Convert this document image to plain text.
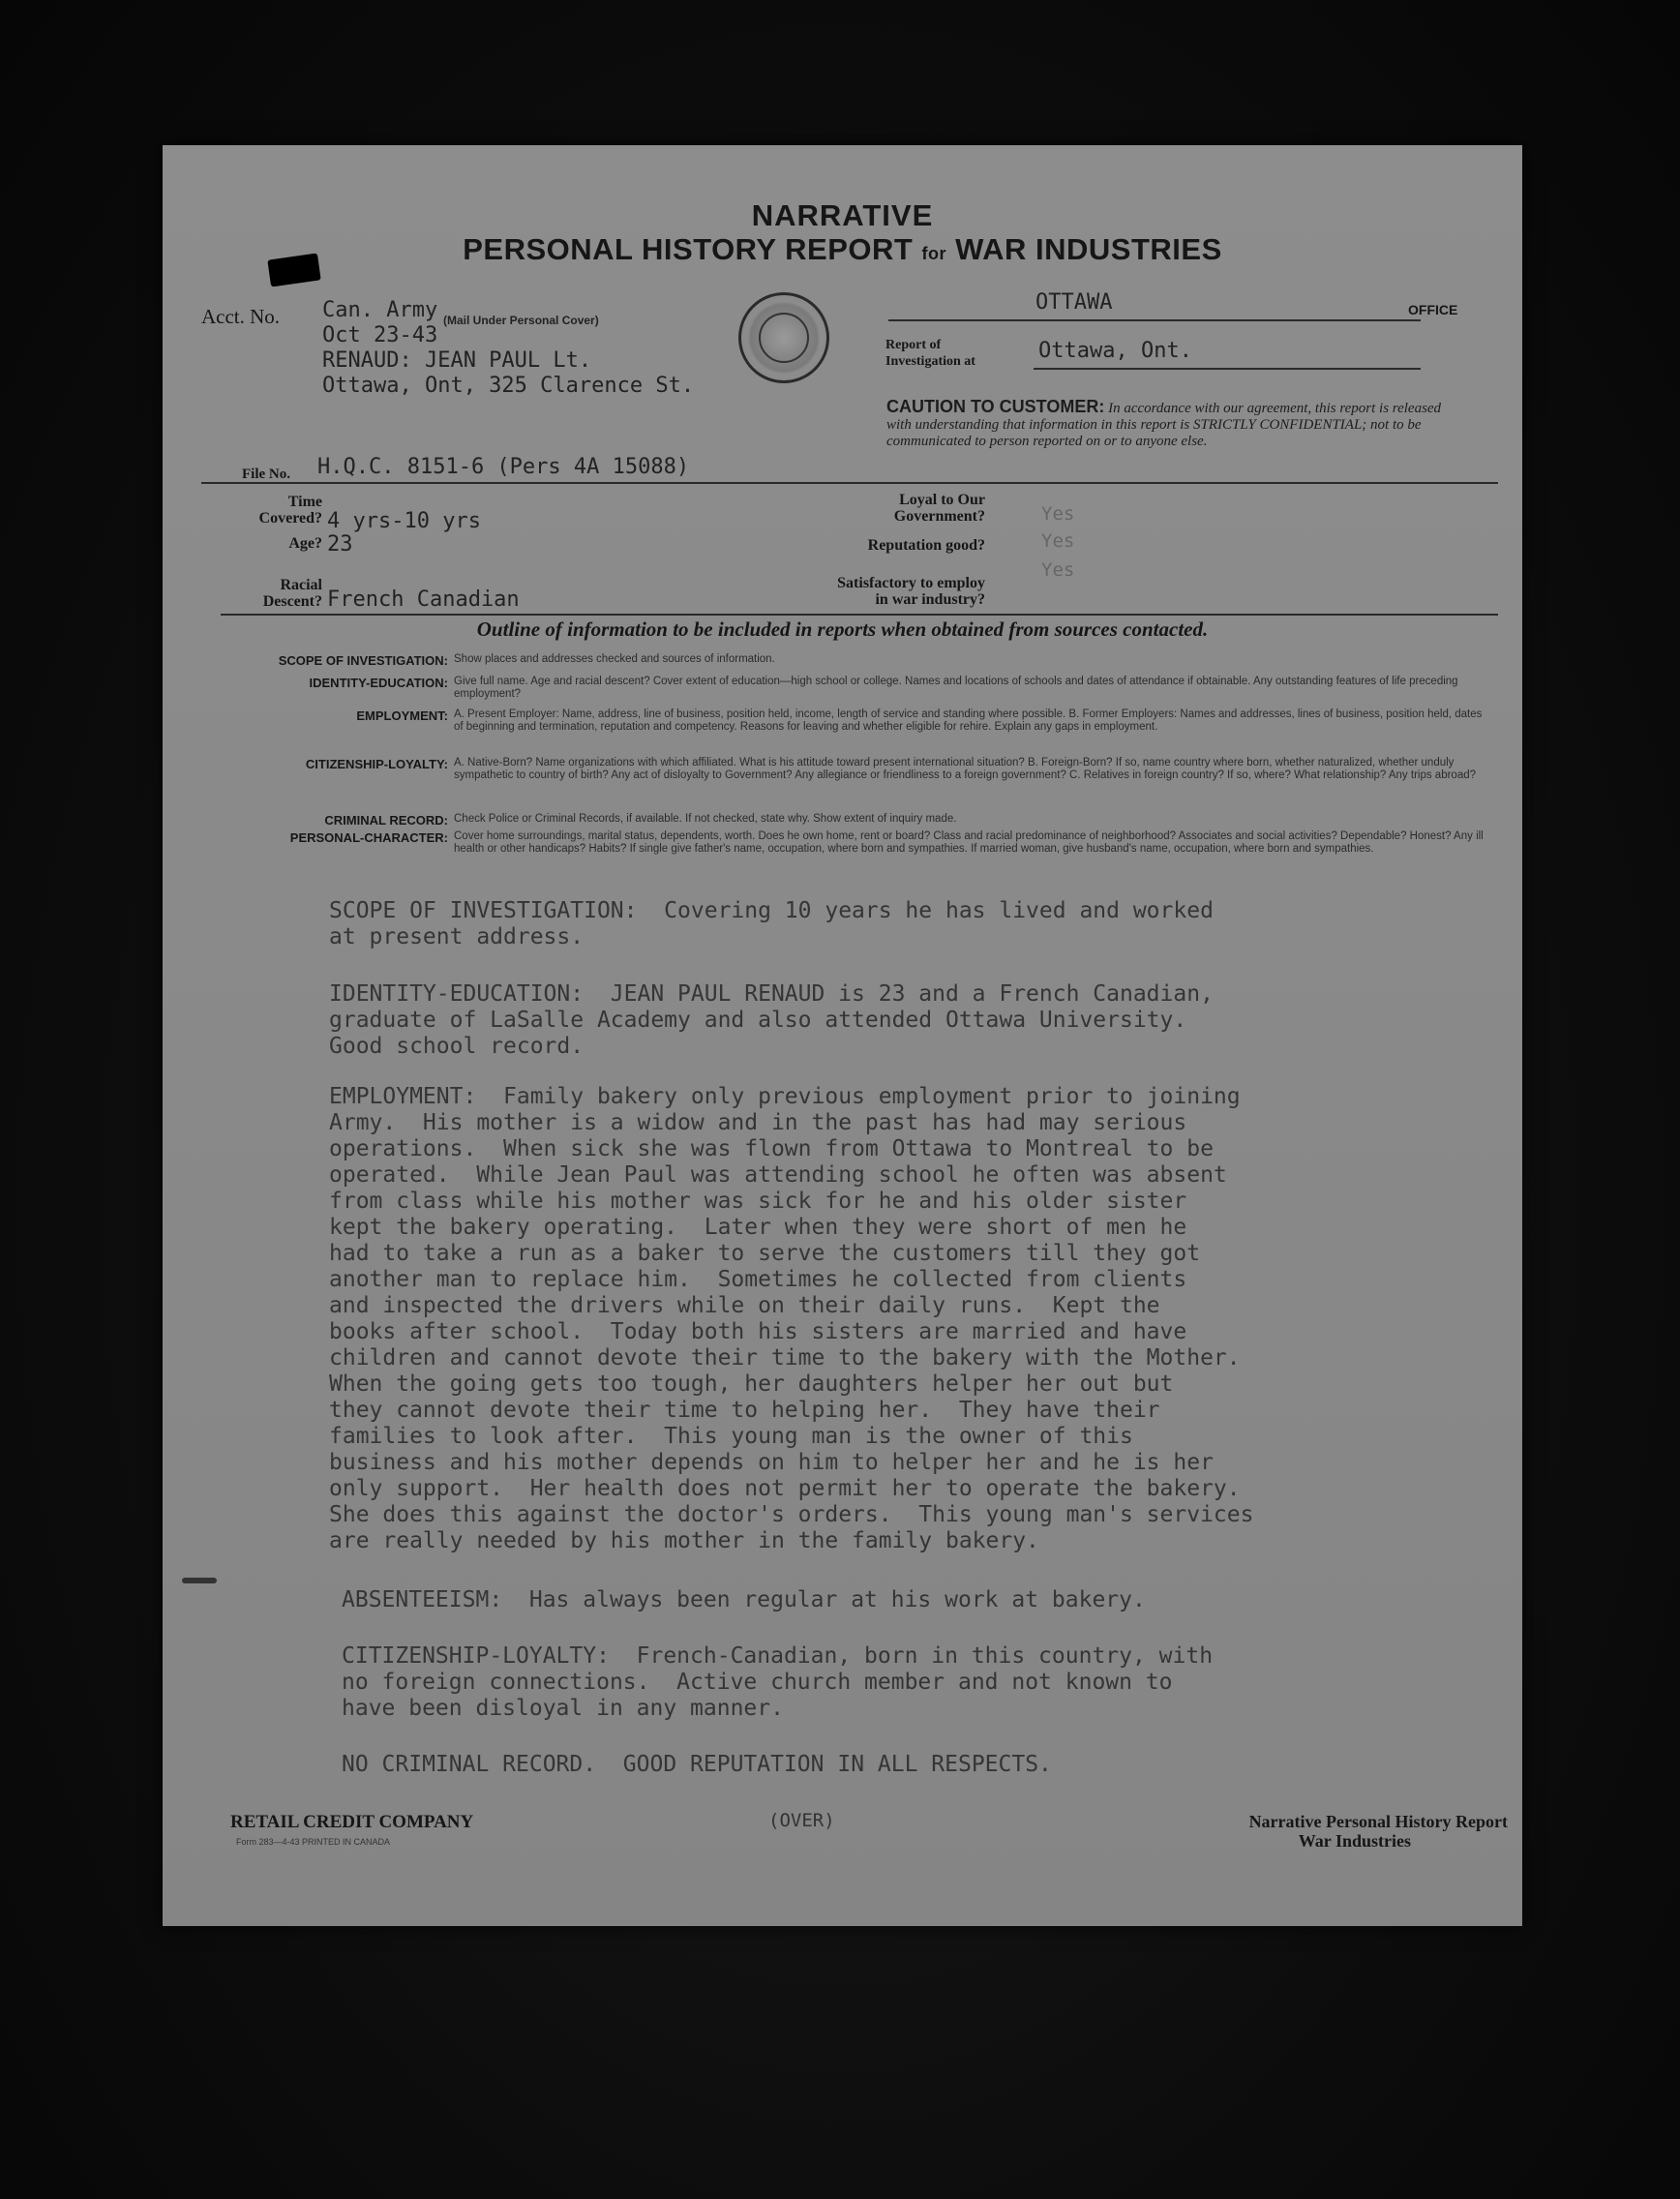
NARRATIVE
PERSONAL HISTORY REPORT for WAR INDUSTRIES
Acct. No. Can. Army (Mail Under Personal Cover)
Oct 23-43
RENAUD: JEAN PAUL Lt.
Ottawa, Ont, 325 Clarence St.
OTTAWA	OFFICE
Report of
Investigation at	Ottawa, Ont.
CAUTION TO CUSTOMER: In accordance with our agreement, this report is released with understanding that information in this report is STRICTLY CONFIDENTIAL; not to be communicated to person reported on or to anyone else.
File No. H.Q.C. 8151-6 (Pers 4A 15088)
Time
Covered? 4 yrs-10 yrs
Age? 23
Racial
Descent? French Canadian
Loyal to Our
Government?	Yes
Reputation good?	Yes
Satisfactory to employ
in war industry?
Yes
Outline of information to be included in reports when obtained from sources contacted.
SCOPE OF INVESTIGATION: Show places and addresses checked and sources of information.
IDENTITY-EDUCATION: Give full name. Age and racial descent? Cover extent of education—high school or college. Names and locations of schools and dates of attendance if obtainable. Any outstanding features of life preceding employment?
EMPLOYMENT: A. Present Employer: Name, address, line of business, position held, income, length of service and standing where possible. B. Former Employers: Names and addresses, lines of business, position held, dates of beginning and termination, reputation and competency. Reasons for leaving and whether eligible for rehire. Explain any gaps in employment.
CITIZENSHIP-LOYALTY: A. Native-Born? Name organizations with which affiliated. What is his attitude toward present international situation? B. Foreign-Born? If so, name country where born, whether naturalized, whether unduly sympathetic to country of birth? Any act of disloyalty to Government? Any allegiance or friendliness to a foreign government? C. Relatives in foreign country? If so, where? What relationship? Any trips abroad?
CRIMINAL RECORD: Check Police or Criminal Records, if available. If not checked, state why. Show extent of inquiry made.
PERSONAL-CHARACTER: Cover home surroundings, marital status, dependents, worth. Does he own home, rent or board? Class and racial predominance of neighborhood? Associates and social activities? Dependable? Honest? Any ill health or other handicaps? Habits? If single give father's name, occupation, where born and sympathies. If married woman, give husband's name, occupation, where born and sympathies.
SCOPE OF INVESTIGATION:  Covering 10 years he has lived and worked
at present address.
IDENTITY-EDUCATION:  JEAN PAUL RENAUD is 23 and a French Canadian,
graduate of LaSalle Academy and also attended Ottawa University.
Good school record.
EMPLOYMENT:  Family bakery only previous employment prior to joining
Army.  His mother is a widow and in the past has had may serious
operations.  When sick she was flown from Ottawa to Montreal to be
operated.  While Jean Paul was attending school he often was absent
from class while his mother was sick for he and his older sister
kept the bakery operating.  Later when they were short of men he
had to take a run as a baker to serve the customers till they got
another man to replace him.  Sometimes he collected from clients
and inspected the drivers while on their daily runs.  Kept the
books after school.  Today both his sisters are married and have
children and cannot devote their time to the bakery with the Mother.
When the going gets too tough, her daughters helper her out but
they cannot devote their time to helping her.  They have their
families to look after.  This young man is the owner of this
business and his mother depends on him to helper her and he is her
only support.  Her health does not permit her to operate the bakery.
She does this against the doctor's orders.  This young man's services
are really needed by his mother in the family bakery.
ABSENTEEISM:  Has always been regular at his work at bakery.
CITIZENSHIP-LOYALTY:  French-Canadian, born in this country, with
no foreign connections.  Active church member and not known to
have been disloyal in any manner.
NO CRIMINAL RECORD.  GOOD REPUTATION IN ALL RESPECTS.
RETAIL CREDIT COMPANY
Form 283—4-43 PRINTED IN CANADA
(OVER)	Narrative Personal History Report
War Industries
